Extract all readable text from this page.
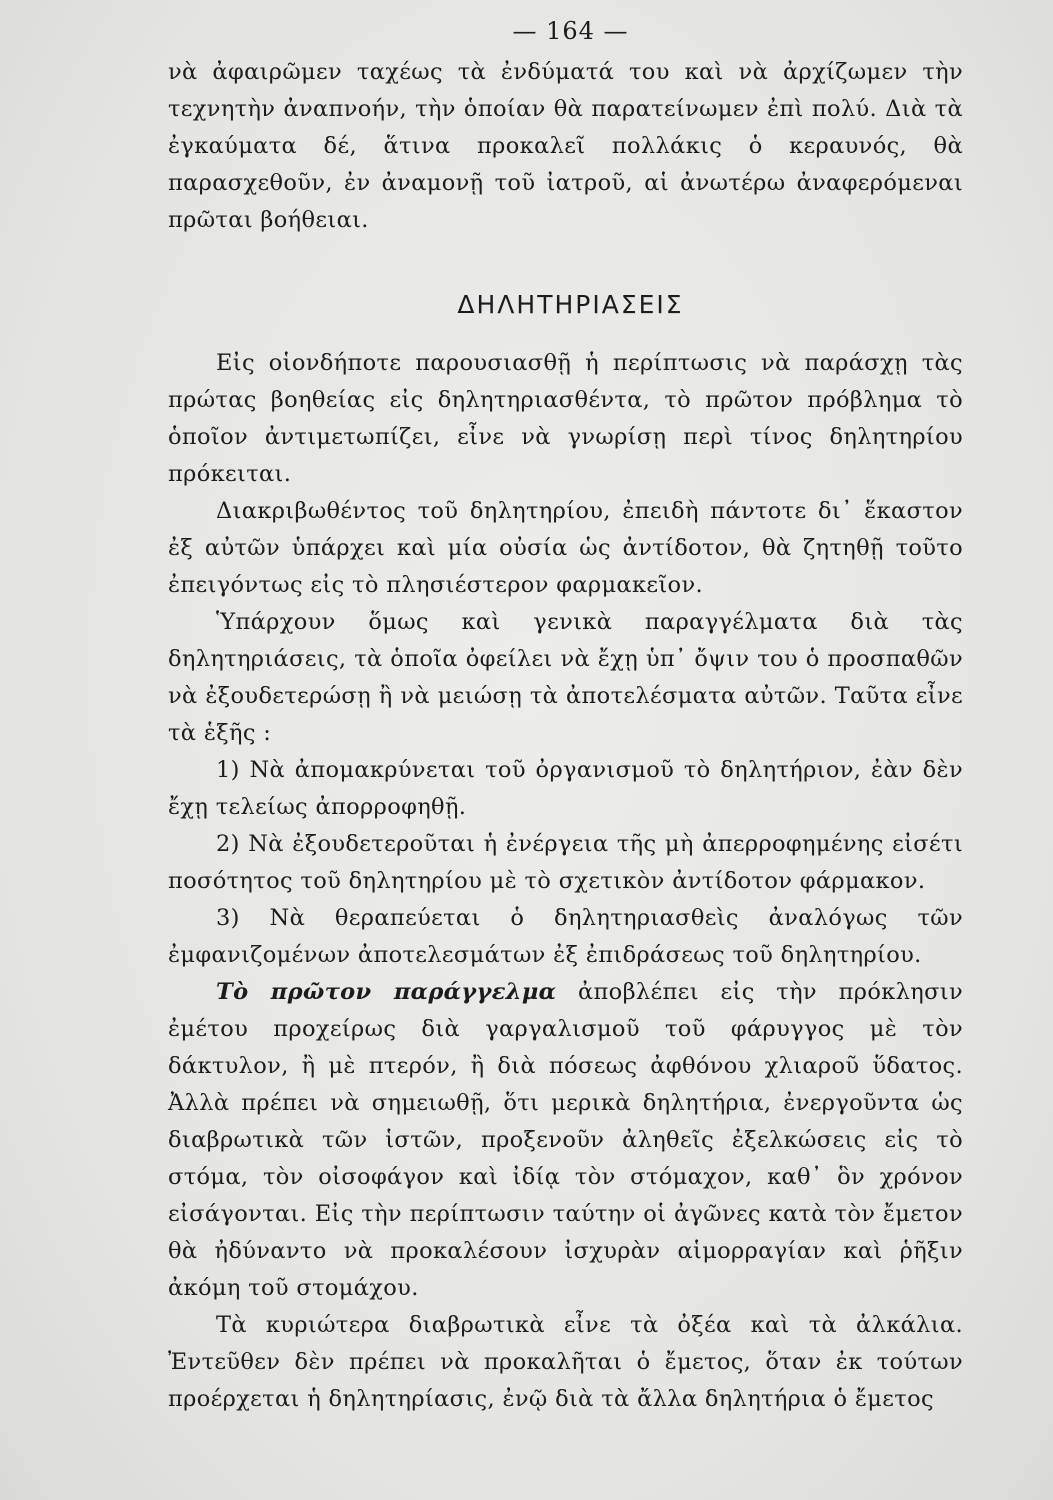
— 164 —

νὰ ἀφαιρῶμεν ταχέως τὰ ἐνδύματά του καὶ νὰ ἀρχίζωμεν τὴν τεχνητὴν ἀναπνοήν, τὴν ὁποίαν θὰ παρατείνωμεν ἐπὶ πολύ. Διὰ τὰ ἐγκαύματα δέ, ἅτινα προκαλεῖ πολλάκις ὁ κεραυνός, θὰ παρασχεθοῦν, ἐν ἀναμονῇ τοῦ ἰατροῦ, αἱ ἀνωτέρω ἀναφερόμεναι πρῶται βοήθειαι.

ΔΗΛΗΤΗΡΙΑΣΕΙΣ

Εἰς οἱονδήποτε παρουσιασθῇ ἡ περίπτωσις νὰ παράσχῃ τὰς πρώτας βοηθείας εἰς δηλητηριασθέντα, τὸ πρῶτον πρόβλημα τὸ ὁποῖον ἀντιμετωπίζει, εἶνε νὰ γνωρίσῃ περὶ τίνος δηλητηρίου πρόκειται.

Διακριβωθέντος τοῦ δηλητηρίου, ἐπειδὴ πάντοτε δι᾿ ἕκαστον ἐξ αὐτῶν ὑπάρχει καὶ μία οὐσία ὡς ἀντίδοτον, θὰ ζητηθῇ τοῦτο ἐπειγόντως εἰς τὸ πλησιέστερον φαρμακεῖον.

Ὑπάρχουν ὅμως καὶ γενικὰ παραγγέλματα διὰ τὰς δηλητηριάσεις, τὰ ὁποῖα ὀφείλει νὰ ἔχῃ ὑπ᾿ ὄψιν του ὁ προσπαθῶν νὰ ἐξουδετερώσῃ ἢ νὰ μειώσῃ τὰ ἀποτελέσματα αὐτῶν. Ταῦτα εἶνε τὰ ἑξῆς :

1) Νὰ ἀπομακρύνεται τοῦ ὀργανισμοῦ τὸ δηλητήριον, ἐὰν δὲν ἔχῃ τελείως ἀπορροφηθῇ.

2) Νὰ ἐξουδετεροῦται ἡ ἐνέργεια τῆς μὴ ἀπερροφημένης εἰσέτι ποσότητος τοῦ δηλητηρίου μὲ τὸ σχετικὸν ἀντίδοτον φάρμακον.

3) Νὰ θεραπεύεται ὁ δηλητηριασθεὶς ἀναλόγως τῶν ἐμφανιζομένων ἀποτελεσμάτων ἐξ ἐπιδράσεως τοῦ δηλητηρίου.

Τὸ πρῶτον παράγγελμα ἀποβλέπει εἰς τὴν πρόκλησιν ἐμέτου προχείρως διὰ γαργαλισμοῦ τοῦ φάρυγγος μὲ τὸν δάκτυλον, ἢ μὲ πτερόν, ἢ διὰ πόσεως ἀφθόνου χλιαροῦ ὕδατος. Ἀλλὰ πρέπει νὰ σημειωθῇ, ὅτι μερικὰ δηλητήρια, ἐνεργοῦντα ὡς διαβρωτικὰ τῶν ἱστῶν, προξενοῦν ἀληθεῖς ἐξελκώσεις εἰς τὸ στόμα, τὸν οἰσοφάγον καὶ ἰδίᾳ τὸν στόμαχον, καθ᾿ ὃν χρόνον εἰσάγονται. Εἰς τὴν περίπτωσιν ταύτην οἱ ἀγῶνες κατὰ τὸν ἔμετον θὰ ἠδύναντο νὰ προκαλέσουν ἰσχυρὰν αἱμορραγίαν καὶ ῥῆξιν ἀκόμη τοῦ στομάχου.

Τὰ κυριώτερα διαβρωτικὰ εἶνε τὰ ὀξέα καὶ τὰ ἀλκάλια. Ἐντεῦθεν δὲν πρέπει νὰ προκαλῆται ὁ ἔμετος, ὅταν ἐκ τούτων προέρχεται ἡ δηλητηρίασις, ἐνῷ διὰ τὰ ἄλλα δηλητήρια ὁ ἔμετος
